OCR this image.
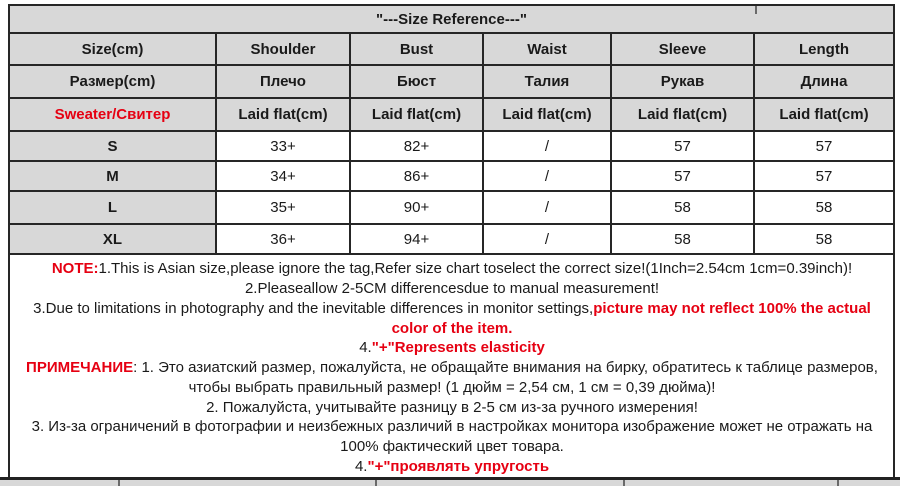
"---Size Reference---"					

Size(cm)	Shoulder	Bust	Waist	Sleeve	Length
Размер(cm)	Плечо	Бюст	Талия	Рукав	Длина
Sweater/Свитер	Laid flat(cm)	Laid flat(cm)	Laid flat(cm)	Laid flat(cm)	Laid flat(cm)
S	33+	82+	/	57	57
M	34+	86+	/	57	57
L	35+	90+	/	58	58
XL	36+	94+	/	58	58

NOTE:1.This is Asian size,please ignore the tag,Refer size chart toselect the correct size!(1Inch=2.54cm 1cm=0.39inch)!
2.Pleaseallow 2-5CM differencesdue to manual measurement!
3.Due to limitations in photography and the inevitable differences in monitor settings,picture may not reflect 100% the actual
color of the item.
4."+"Represents elasticity
ПРИМЕЧАНИЕ: 1. Это азиатский размер, пожалуйста, не обращайте внимания на бирку, обратитесь к таблице размеров,
чтобы выбрать правильный размер! (1 дюйм = 2,54 см, 1 см = 0,39 дюйма)!
2. Пожалуйста, учитывайте разницу в 2-5 см из-за ручного измерения!
3. Из-за ограничений в фотографии и неизбежных различий в настройках монитора изображение может не отражать на
100% фактический цвет товара.
4."+"проявлять упругость
